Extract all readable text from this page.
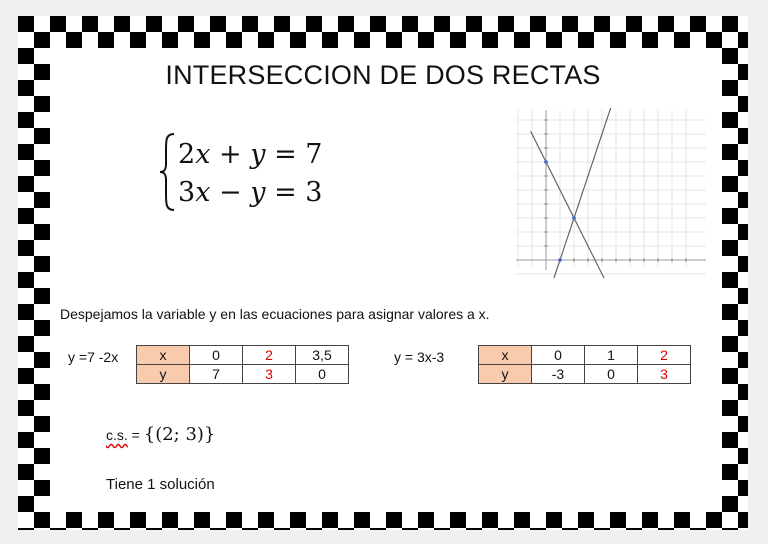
INTERSECCION DE DOS RECTAS
2x + y = 7
3x − y = 3
Despejamos la variable y en las ecuaciones para asignar valores a x.
y =7 -2x	x	0	2	3,5
y	7	3	0
y = 3x-3	x	0	1	2
y	-3	0	3
c.s. = {(2; 3)}
Tiene 1 solución
